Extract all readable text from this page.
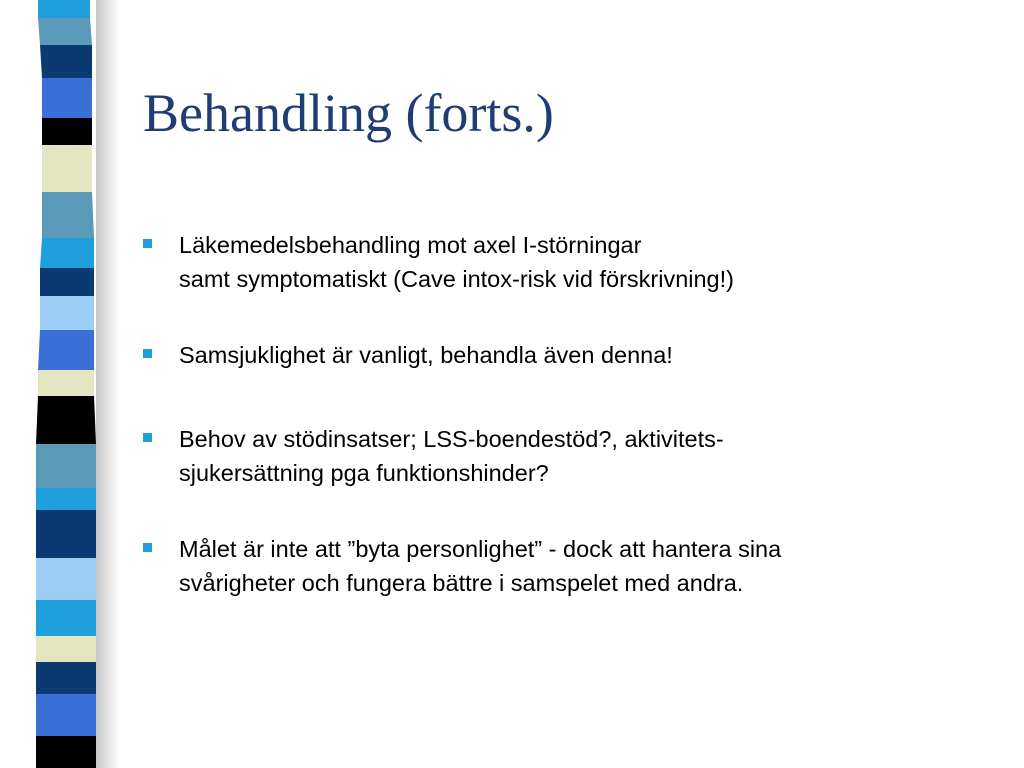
Behandling (forts.)
Läkemedelsbehandling mot axel I-störningar
samt symptomatiskt (Cave intox-risk vid förskrivning!)
Samsjuklighet är vanligt, behandla även denna!
Behov av stödinsatser; LSS-boendestöd?, aktivitets-
sjukersättning pga funktionshinder?
Målet är inte att ”byta personlighet” - dock att hantera sina
svårigheter och fungera bättre i samspelet med andra.
